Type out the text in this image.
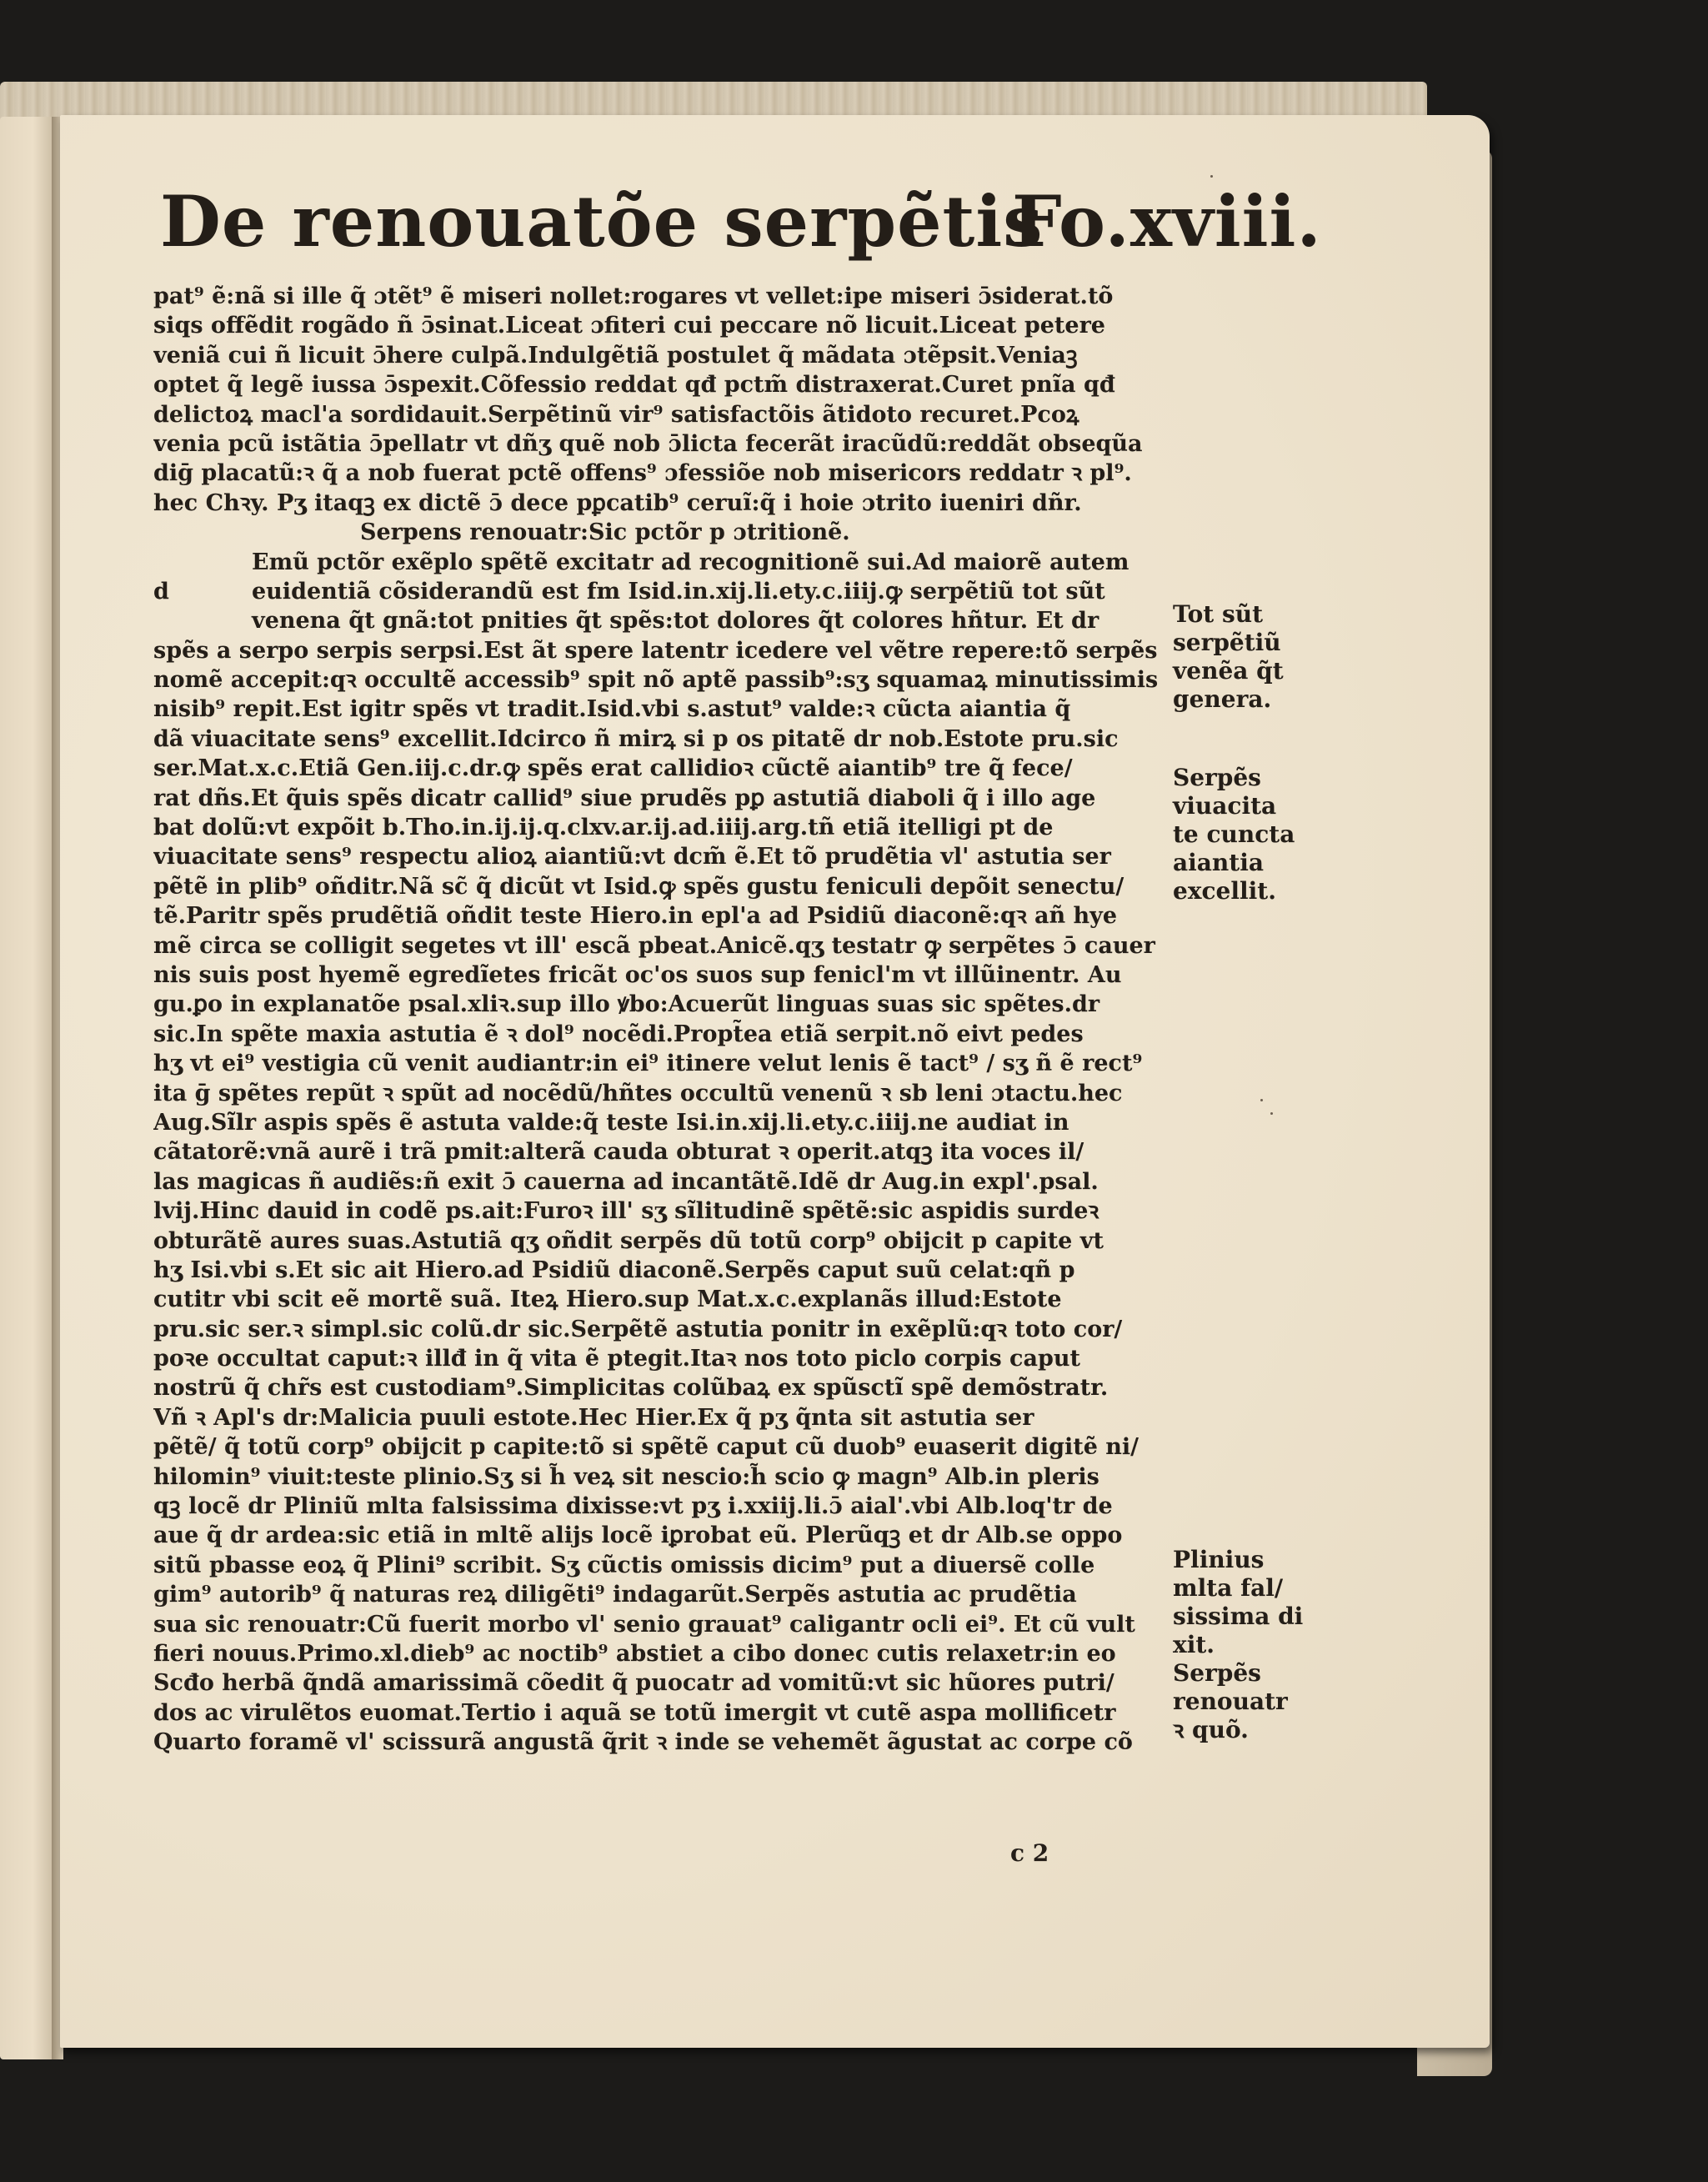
De renouatõe serpẽtis
Fo.xviii.
pat⁹ ẽ:nã si ille q̃ ɔtẽt⁹ ẽ miseri nollet:rogares vt vellet:ipe miseri ɔ̄siderat.tõ
siqs offẽdit rogãdo ñ ɔ̄sinat.Liceat ɔfiteri cui peccare nõ licuit.Liceat petere
veniã cui ñ licuit ɔ̄here culpã.Indulgẽtiã postulet q̃ mãdata ɔtẽpsit.Veniaꝫ
optet q̃ legẽ iussa ɔ̄spexit.Cõfessio reddat qđ pctm̃ distraxerat.Curet pnĩa qđ
delictoꝝ macl'a sordidauit.Serpẽtinũ vir⁹ satisfactõis ãtidoto recuret.Pcoꝝ
venia pcũ istãtia ɔ̄pellatr vt dñʒ quẽ nob ɔ̄licta fecerãt iracũdũ:reddãt obseqũa
diḡ placatũ:ꝛ q̃ a nob fuerat pctẽ offens⁹ ɔfessiõe nob misericors reddatr ꝛ pl⁹.
hec Chꝛy. Pʒ itaqꝫ ex dictẽ ɔ̄ dece pꝑcatib⁹ ceruĩ:q̃ i hoie ɔtrito iueniri dñr.
Serpens renouatr:Sic pctõr p ɔtritionẽ.
Emũ pctõr exẽplo spẽtẽ excitatr ad recognitionẽ sui.Ad maiorẽ autem
d	euidentiã cõsiderandũ est fm Isid.in.xij.li.ety.c.iiij.ꝙ serpẽtiũ tot sũt
venena q̃t gnã:tot pnities q̃t spẽs:tot dolores q̃t colores hñtur. Et dr
spẽs a serpo serpis serpsi.Est ãt spere latentr icedere vel vẽtre repere:tõ serpẽs
nomẽ accepit:qꝛ occultẽ accessib⁹ spit nõ aptẽ passib⁹:sʒ squamaꝝ minutissimis
nisib⁹ repit.Est igitr spẽs vt tradit.Isid.vbi s.astut⁹ valde:ꝛ cũcta aiantia q̃
dã viuacitate sens⁹ excellit.Idcirco ñ mirꝝ si p os pitatẽ dr nob.Estote pru.sic
ser.Mat.x.c.Etiã Gen.iij.c.dr.ꝙ spẽs erat callidioꝛ cũctẽ aiantib⁹ tre q̃ fece/
rat dñs.Et q̃uis spẽs dicatr callid⁹ siue prudẽs pꝑ astutiã diaboli q̃ i illo age
bat dolũ:vt expõit b.Tho.in.ij.ij.q.clxv.ar.ij.ad.iiij.arg.tñ etiã itelligi pt de
viuacitate sens⁹ respectu alioꝝ aiantiũ:vt dcm̃ ẽ.Et tõ prudẽtia vl' astutia ser
pẽtẽ in plib⁹ oñditr.Nã sc̃ q̃ dicũt vt Isid.ꝙ spẽs gustu feniculi depõit senectu/
tẽ.Paritr spẽs prudẽtiã oñdit teste Hiero.in epl'a ad Psidiũ diaconẽ:qꝛ añ hye
mẽ circa se colligit segetes vt ill' escã pbeat.Anicẽ.qʒ testatr ꝙ serpẽtes ɔ̄ cauer
nis suis post hyemẽ egredĩetes fricãt oc'os suos sup fenicl'm vt illũinentr. Au
gu.ꝑo in explanatõe psal.xliꝛ.sup illo ꝟbo:Acuerũt linguas suas sic spẽtes.dr
sic.In spẽte maxia astutia ẽ ꝛ dol⁹ nocẽdi.Propt̃ea etiã serpit.nõ eivt pedes
hʒ vt ei⁹ vestigia cũ venit audiantr:in ei⁹ itinere velut lenis ẽ tact⁹ / sʒ ñ ẽ rect⁹
ita ḡ spẽtes repũt ꝛ spũt ad nocẽdũ/hñtes occultũ venenũ ꝛ sb leni ɔtactu.hec
Aug.Sĩlr aspis spẽs ẽ astuta valde:q̃ teste Isi.in.xij.li.ety.c.iiij.ne audiat in
cãtatorẽ:vnã aurẽ i trã pmit:alterã cauda obturat ꝛ operit.atqꝫ ita voces il/
las magicas ñ audiẽs:ñ exit ɔ̄ cauerna ad incantãtẽ.Idẽ dr Aug.in expl'.psal.
lvij.Hinc dauid in codẽ ps.ait:Furoꝛ ill' sʒ sĩlitudinẽ spẽtẽ:sic aspidis surdeꝛ
obturãtẽ aures suas.Astutiã qʒ oñdit serpẽs dũ totũ corp⁹ obijcit p capite vt
hʒ Isi.vbi s.Et sic ait Hiero.ad Psidiũ diaconẽ.Serpẽs caput suũ celat:qñ p
cutitr vbi scit eẽ mortẽ suã. Iteꝝ Hiero.sup Mat.x.c.explanãs illud:Estote
pru.sic ser.ꝛ simpl.sic colũ.dr sic.Serpẽtẽ astutia ponitr in exẽplũ:qꝛ toto cor/
poꝛe occultat caput:ꝛ illđ in q̃ vita ẽ ptegit.Itaꝛ nos toto piclo corpis caput
nostrũ q̃ chr̃s est custodiam⁹.Simplicitas colũbaꝝ ex spũsctĩ spẽ demõstratr.
Vñ ꝛ Apl's dr:Malicia puuli estote.Hec Hier.Ex q̃ pʒ q̃nta sit astutia ser
pẽtẽ/ q̃ totũ corp⁹ obijcit p capite:tõ si spẽtẽ caput cũ duob⁹ euaserit digitẽ ni/
hilomin⁹ viuit:teste plinio.Sʒ si h̃ veꝝ sit nescio:h̃ scio ꝙ magn⁹ Alb.in pleris
qꝫ locẽ dr Pliniũ mlta falsissima dixisse:vt pʒ i.xxiij.li.ɔ̄ aial'.vbi Alb.loq'tr de
aue q̃ dr ardea:sic etiã in mltẽ alijs locẽ iꝑrobat eũ. Plerũqꝫ et dr Alb.se oppo
sitũ pbasse eoꝝ q̃ Plini⁹ scribit. Sʒ cũctis omissis dicim⁹ put a diuersẽ colle
gim⁹ autorib⁹ q̃ naturas reꝝ diligẽti⁹ indagarũt.Serpẽs astutia ac prudẽtia
sua sic renouatr:Cũ fuerit morbo vl' senio grauat⁹ caligantr ocli ei⁹. Et cũ vult
fieri nouus.Primo.xl.dieb⁹ ac noctib⁹ abstiet a cibo donec cutis relaxetr:in eo
Scđo herbã q̃ndã amarissimã cõedit q̃ puocatr ad vomitũ:vt sic hũores putri/
dos ac virulẽtos euomat.Tertio i aquã se totũ imergit vt cutẽ aspa mollificetr
Quarto foramẽ vl' scissurã angustã q̃rit ꝛ inde se vehemẽt ãgustat ac corpe cõ
Tot sũt
serpẽtiũ
venẽa q̃t
genera.
Serpẽs
viuacita
te cuncta
aiantia
excellit.
Plinius
mlta fal/
sissima di
xit.
Serpẽs
renouatr
ꝛ quõ.
c 2
